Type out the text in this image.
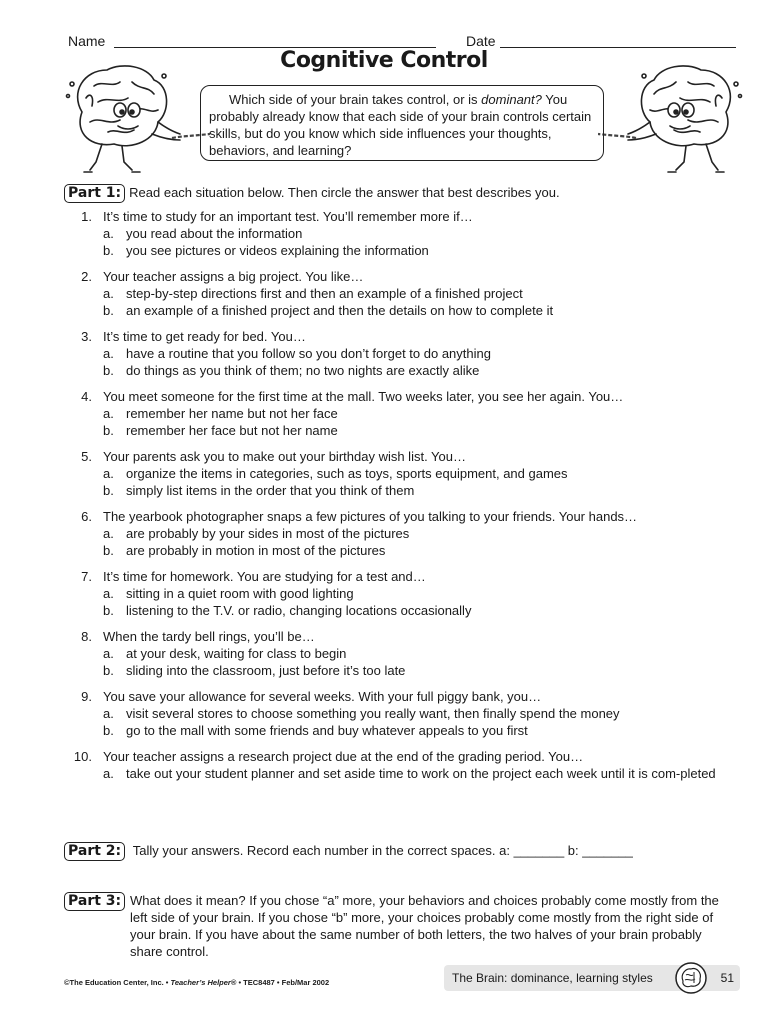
Name	Date
Cognitive Control

Which side of your brain takes control, or is dominant? You probably already know that each side of your brain controls certain skills, but do you know which side influences your thoughts, behaviors, and learning?

Part 1: Read each situation below. Then circle the answer that best describes you.
1. It’s time to study for an important test. You’ll remember more if…
a. you read about the information
b. you see pictures or videos explaining the information
2. Your teacher assigns a big project. You like…
a. step-by-step directions first and then an example of a finished project
b. an example of a finished project and then the details on how to complete it
3. It’s time to get ready for bed. You…
a. have a routine that you follow so you don’t forget to do anything
b. do things as you think of them; no two nights are exactly alike
4. You meet someone for the first time at the mall. Two weeks later, you see her again. You…
a. remember her name but not her face
b. remember her face but not her name
5. Your parents ask you to make out your birthday wish list. You…
a. organize the items in categories, such as toys, sports equipment, and games
b. simply list items in the order that you think of them
6. The yearbook photographer snaps a few pictures of you talking to your friends. Your hands…
a. are probably by your sides in most of the pictures
b. are probably in motion in most of the pictures
7. It’s time for homework. You are studying for a test and…
a. sitting in a quiet room with good lighting
b. listening to the T.V. or radio, changing locations occasionally
8. When the tardy bell rings, you’ll be…
a. at your desk, waiting for class to begin
b. sliding into the classroom, just before it’s too late
9. You save your allowance for several weeks. With your full piggy bank, you…
a. visit several stores to choose something you really want, then finally spend the money
b. go to the mall with some friends and buy whatever appeals to you first
10. Your teacher assigns a research project due at the end of the grading period. You…
a. take out your student planner and set aside time to work on the project each week until it is com-pleted
Part 2: Tally your answers. Record each number in the correct spaces. a: _______ b: _______
Part 3: What does it mean? If you chose “a” more, your behaviors and choices probably come mostly from the left side of your brain. If you chose “b” more, your choices probably come mostly from the right side of your brain. If you have about the same number of both letters, the two halves of your brain probably share control.
©The Education Center, Inc. • Teacher’s Helper® • TEC8487 • Feb/Mar 2002	The Brain: dominance, learning styles	51
